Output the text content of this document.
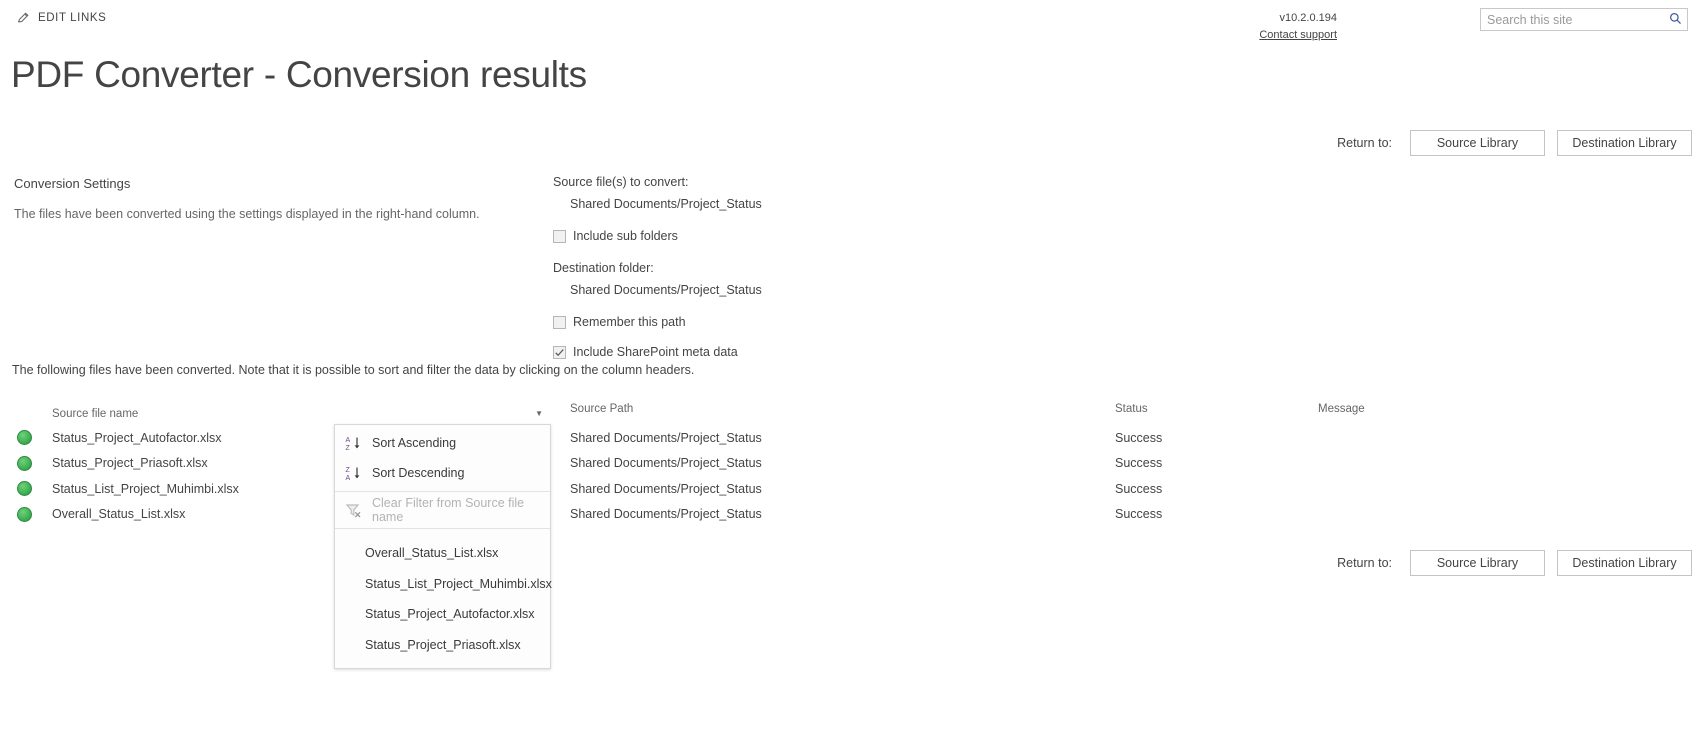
EDIT LINKS	v10.2.0.194
Contact support
Search this site
PDF Converter - Conversion results
Return to:	Source Library	Destination Library
Conversion Settings
The files have been converted using the settings displayed in the right-hand column.
Source file(s) to convert:
Shared Documents/Project_Status
Include sub folders
Destination folder:
Shared Documents/Project_Status
Remember this path
Include SharePoint meta data
The following files have been converted. Note that it is possible to sort and filter the data by clicking on the column headers.
Source file name	▼	Source Path	Status	Message
Status_Project_Autofactor.xlsx	Shared Documents/Project_Status	Success
Status_Project_Priasoft.xlsx	Shared Documents/Project_Status	Success
Status_List_Project_Muhimbi.xlsx	Shared Documents/Project_Status	Success
Overall_Status_List.xlsx	Shared Documents/Project_Status	Success
A
Z Sort Ascending
Z
A Sort Descending
Clear Filter from Source file name
Overall_Status_List.xlsx
Status_List_Project_Muhimbi.xlsx
Status_Project_Autofactor.xlsx
Status_Project_Priasoft.xlsx
Return to:	Source Library	Destination Library
